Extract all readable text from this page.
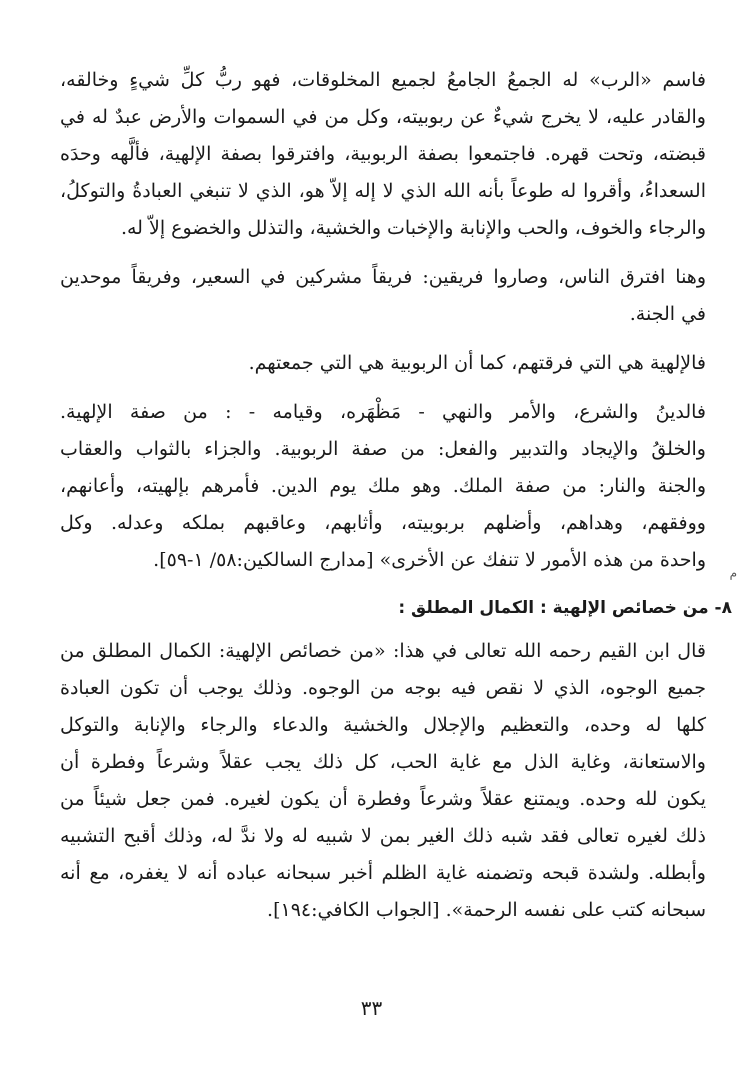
فاسم «الرب» له الجمعُ الجامعُ لجميع المخلوقات، فهو ربُّ كلِّ شيءٍ وخالقه،
والقادر عليه، لا يخرج شيءٌ عن ربوبيته، وكل من في السموات والأرض عبدٌ له في
قبضته، وتحت قهره. فاجتمعوا بصفة الربوبية، وافترقوا بصفة الإلهية، فألَّهه وحدَه
السعداءُ، وأقروا له طوعاً بأنه الله الذي لا إله إلاّ هو، الذي لا تنبغي العبادةُ والتوكلُ،
والرجاء والخوف، والحب والإنابة والإخبات والخشية، والتذلل والخضوع إلاّ له.
وهنا افترق الناس، وصاروا فريقين: فريقاً مشركين في السعير، وفريقاً موحدين
في الجنة.
فالإلهية هي التي فرقتهم، كما أن الربوبية هي التي جمعتهم.
فالدينُ والشرع، والأمر والنهي - مَظْهَره، وقيامه - : من صفة الإلهية.
والخلقُ والإيجاد والتدبير والفعل: من صفة الربوبية. والجزاء بالثواب والعقاب
والجنة والنار: من صفة الملك. وهو ملك يوم الدين. فأمرهم بإلهيته، وأعانهم،
ووفقهم، وهداهم، وأضلهم بربوبيته، وأثابهم، وعاقبهم بملكه وعدله. وكل
واحدة من هذه الأمور لا تنفك عن الأخرى» [مدارج السالكين:٥٨/ ١-٥٩].
٨- من خصائص الإلهية : الكمال المطلق :
قال ابن القيم رحمه الله تعالى في هذا: «من خصائص الإلهية: الكمال المطلق من
جميع الوجوه، الذي لا نقص فيه بوجه من الوجوه. وذلك يوجب أن تكون العبادة
كلها له وحده، والتعظيم والإجلال والخشية والدعاء والرجاء والإنابة والتوكل
والاستعانة، وغاية الذل مع غاية الحب، كل ذلك يجب عقلاً وشرعاً وفطرة أن
يكون لله وحده. ويمتنع عقلاً وشرعاً وفطرة أن يكون لغيره. فمن جعل شيئاً من
ذلك لغيره تعالى فقد شبه ذلك الغير بمن لا شبيه له ولا ندَّ له، وذلك أقبح التشبيه
وأبطله. ولشدة قبحه وتضمنه غاية الظلم أخبر سبحانه عباده أنه لا يغفره، مع أنه
سبحانه كتب على نفسه الرحمة». [الجواب الكافي:١٩٤].
م
٣٣
